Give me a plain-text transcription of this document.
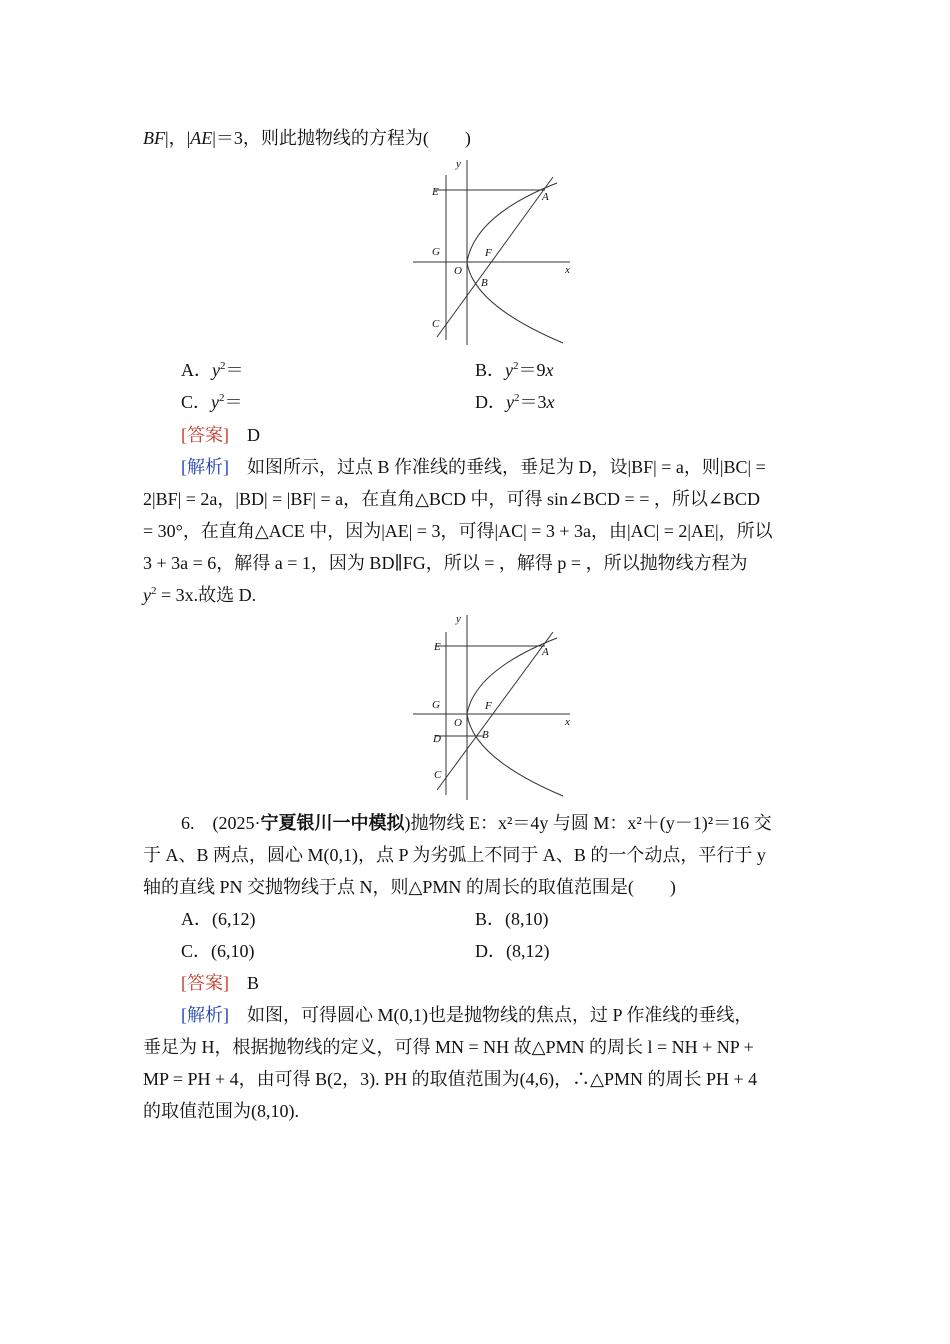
BF|，|AE|＝3，则此抛物线的方程为(　　)
y
x
E	A
G
O
F
B
C
A．$y^2=$	B．$y^2=9x$
C．$y^2=$	D．$y^2=3x$
[答案]　 D
[解析]　 如图所示，过点 B 作准线的垂线，垂足为 D，设|BF| = a，则|BC| =
2|BF| = 2a，|BD| = |BF| = a，在直角△BCD 中，可得 sin∠BCD = = ，所以∠BCD
= 30°，在直角△ACE 中，因为|AE| = 3，可得|AC| = 3 + 3a，由|AC| = 2|AE|，所以
3 + 3a = 6，解得 a = 1，因为 BD∥FG，所以 = ，解得 p = ，所以抛物线方程为
$y^2 = 3x$.故选 D.
y
x
E	A
G
O
F
D	B
C
6.　 (2025·宁夏银川一中模拟)抛物线 E：x²＝4y 与圆 M：x²＋(y－1)²＝16 交
于 A、B 两点，圆心 M(0,1)，点 P 为劣弧上不同于 A、B 的一个动点，平行于 y
轴的直线 PN 交抛物线于点 N，则△PMN 的周长的取值范围是(　　)
A．(6,12)	B．(8,10)
C．(6,10)	D．(8,12)
[答案]　 B
[解析]　 如图，可得圆心 M(0,1)也是抛物线的焦点，过 P 作准线的垂线，
垂足为 H，根据抛物线的定义，可得 MN = NH 故△PMN 的周长 l = NH + NP +
MP = PH + 4，由可得 B(2，3). PH 的取值范围为(4,6)，∴△PMN 的周长 PH + 4
的取值范围为(8,10).
